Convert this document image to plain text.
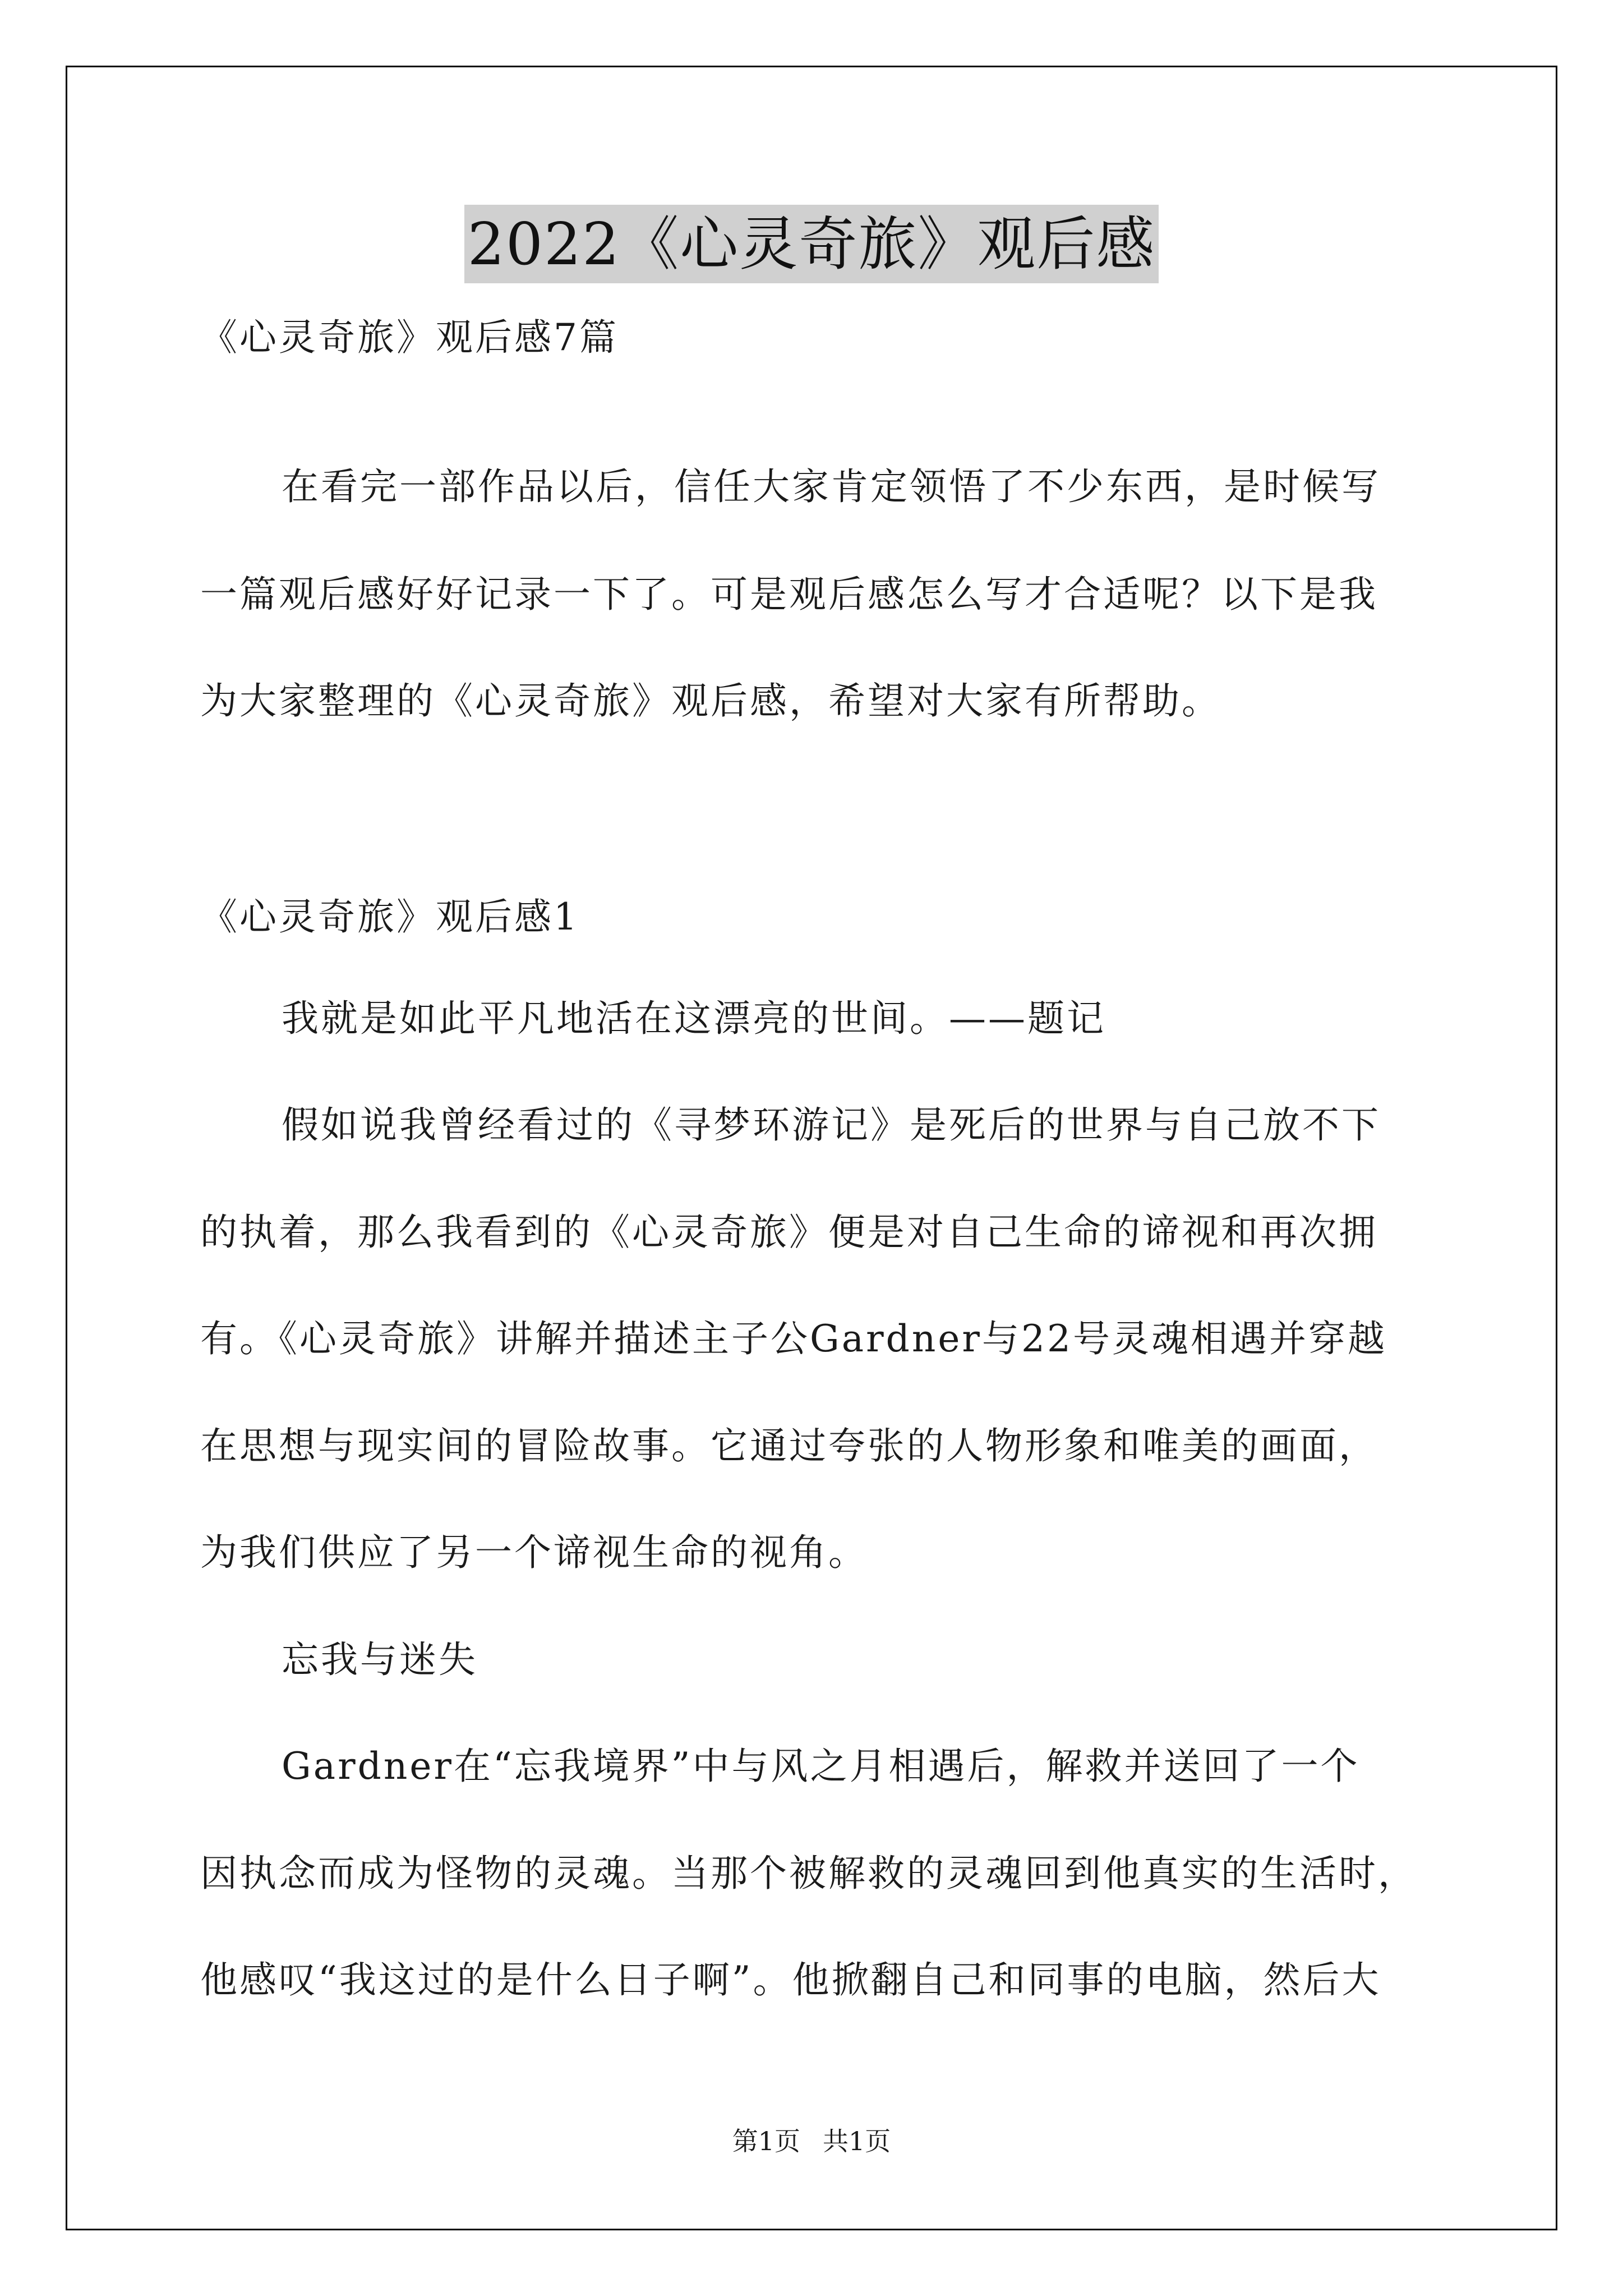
2022《心灵奇旅》观后感
《心灵奇旅》观后感7篇
在看完一部作品以后，信任大家肯定领悟了不少东西，是时候写
一篇观后感好好记录一下了。可是观后感怎么写才合适呢？以下是我
为大家整理的《心灵奇旅》观后感，希望对大家有所帮助。
《心灵奇旅》观后感1
我就是如此平凡地活在这漂亮的世间。——题记
假如说我曾经看过的《寻梦环游记》是死后的世界与自己放不下
的执着，那么我看到的《心灵奇旅》便是对自己生命的谛视和再次拥
有。《心灵奇旅》讲解并描述主子公Gardner与22号灵魂相遇并穿越
在思想与现实间的冒险故事。它通过夸张的人物形象和唯美的画面，
为我们供应了另一个谛视生命的视角。
忘我与迷失
Gardner在“忘我境界”中与风之月相遇后，解救并送回了一个
因执念而成为怪物的灵魂。当那个被解救的灵魂回到他真实的生活时，
他感叹“我这过的是什么日子啊”。他掀翻自己和同事的电脑，然后大
第1页 共1页
